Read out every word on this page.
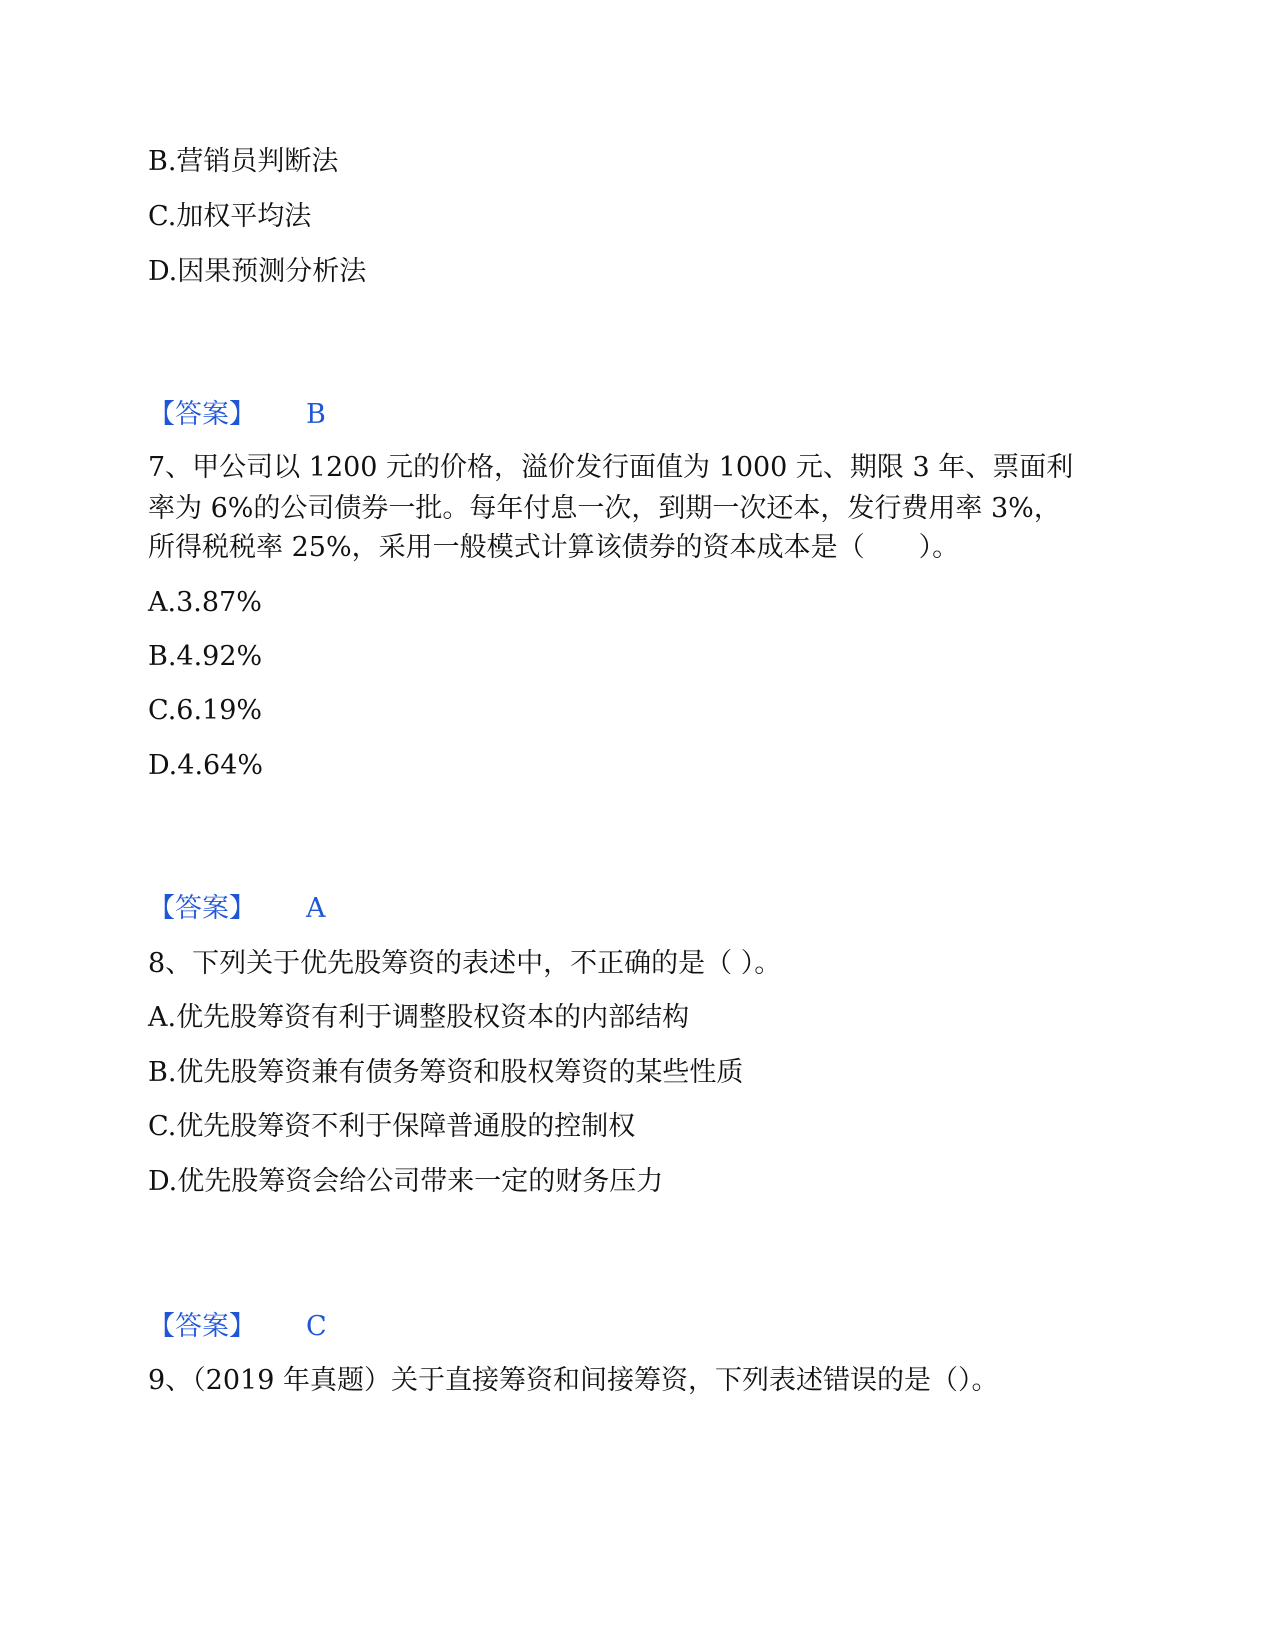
B.营销员判断法
C.加权平均法
D.因果预测分析法
【答案】 B
7、甲公司以 1200 元的价格，溢价发行面值为 1000 元、期限 3 年、票面利
率为 6%的公司债券一批。每年付息一次，到期一次还本，发行费用率 3%，
所得税税率 25%，采用一般模式计算该债券的资本成本是（　　）。
A.3.87%
B.4.92%
C.6.19%
D.4.64%
【答案】 A
8、下列关于优先股筹资的表述中，不正确的是（ ）。
A.优先股筹资有利于调整股权资本的内部结构
B.优先股筹资兼有债务筹资和股权筹资的某些性质
C.优先股筹资不利于保障普通股的控制权
D.优先股筹资会给公司带来一定的财务压力
【答案】 C
9、（2019 年真题）关于直接筹资和间接筹资，下列表述错误的是（）。
